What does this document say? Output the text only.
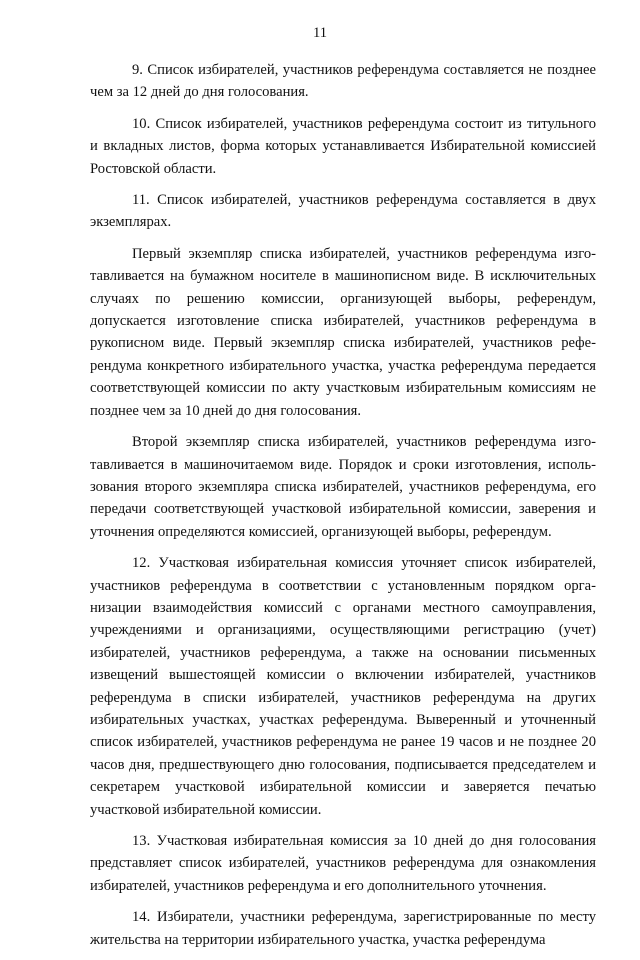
11

9. Список избирателей, участников референдума составляется не позднее чем за 12 дней до дня голосования.

10. Список избирателей, участников референдума состоит из титульного и вкладных листов, форма которых устанавливается Избирательной комиссией Ростовской области.

11. Список избирателей, участников референдума составляется в двух экземплярах.

Первый экземпляр списка избирателей, участников референдума изготавливается на бумажном носителе в машинописном виде. В исключительных случаях по решению комиссии, организующей выборы, референдум, допускается изготовление списка избирателей, участников референдума в рукописном виде. Первый экземпляр списка избирателей, участников референдума конкретного избирательного участка, участка референдума передается соответствующей комиссии по акту участковым избирательным комиссиям не позднее чем за 10 дней до дня голосования.

Второй экземпляр списка избирателей, участников референдума изготавливается в машиночитаемом виде. Порядок и сроки изготовления, использования второго экземпляра списка избирателей, участников референдума, его передачи соответствующей участковой избирательной комиссии, заверения и уточнения определяются комиссией, организующей выборы, референдум.

12. Участковая избирательная комиссия уточняет список избирателей, участников референдума в соответствии с установленным порядком организации взаимодействия комиссий с органами местного самоуправления, учреждениями и организациями, осуществляющими регистрацию (учет) избирателей, участников референдума, а также на основании письменных извещений вышестоящей комиссии о включении избирателей, участников референдума в списки избирателей, участников референдума на других избирательных участках, участках референдума. Выверенный и уточненный список избирателей, участников референдума не ранее 19 часов и не позднее 20 часов дня, предшествующего дню голосования, подписывается председателем и секретарем участковой избирательной комиссии и заверяется печатью участковой избирательной комиссии.

13. Участковая избирательная комиссия за 10 дней до дня голосования представляет список избирателей, участников референдума для ознакомления избирателей, участников референдума и его дополнительного уточнения.

14. Избиратели, участники референдума, зарегистрированные по месту жительства на территории избирательного участка, участка референдума
